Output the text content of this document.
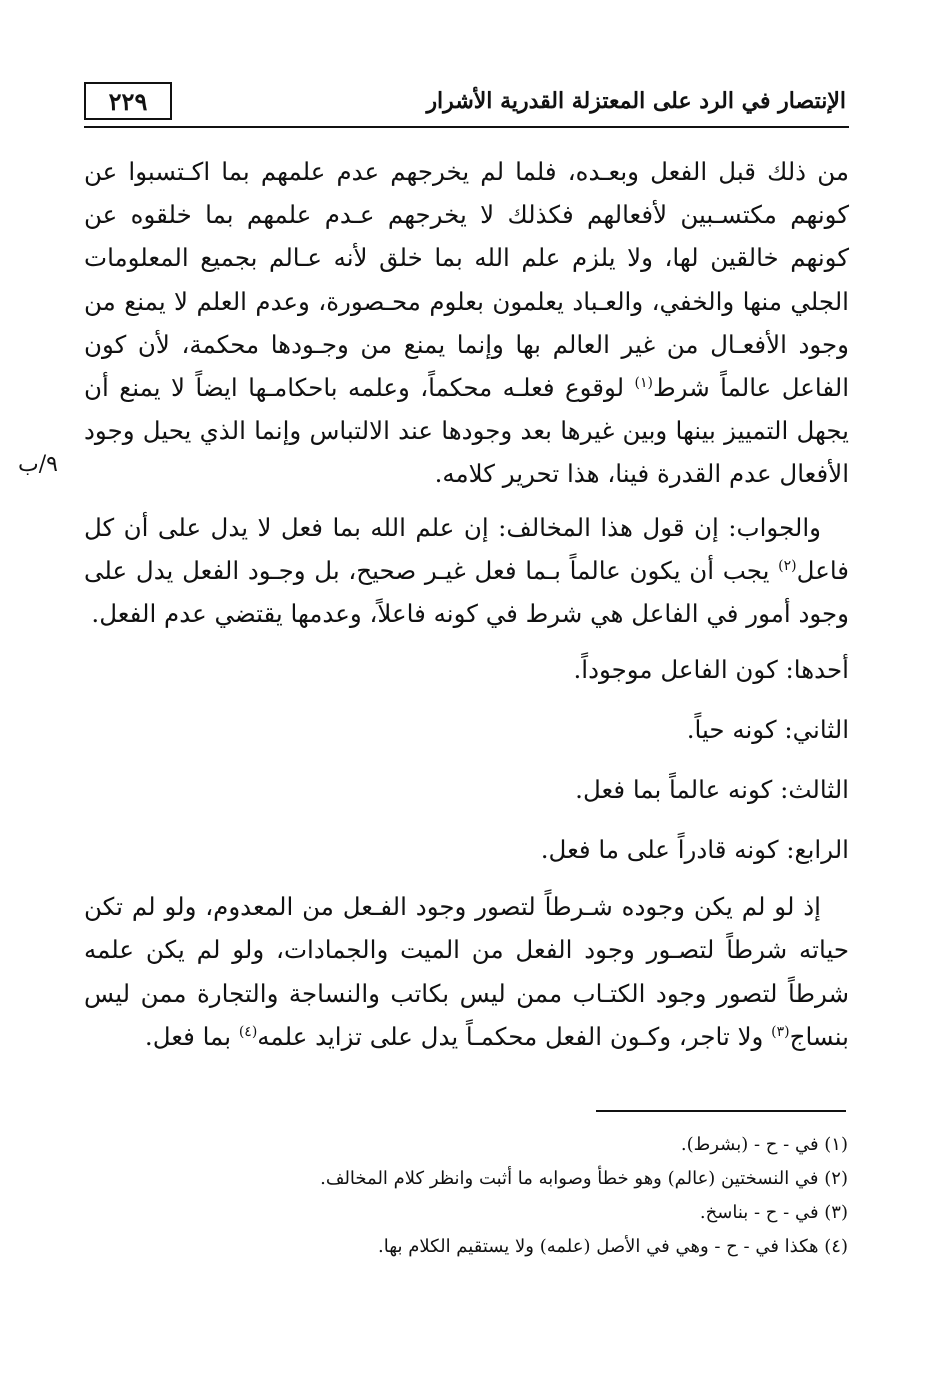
٢٢٩	الإنتصار في الرد على المعتزلة القدرية الأشرار
٩/ب

من ذلك قبل الفعل وبعـده، فلما لم يخرجهم عدم علمهم بما اكـتسبوا عن كونهم مكتسـبين لأفعالهم فكذلك لا يخرجهم عـدم علمهم بما خلقوه عن كونهم خالقين لها، ولا يلزم علم الله بما خلق لأنه عـالم بجميع المعلومات الجلي منها والخفي، والعـباد يعلمون بعلوم محـصورة، وعدم العلم لا يمنع من وجود الأفعـال من غير العالم بها وإنما يمنع من وجـودها محكمة، لأن كون الفاعل عالماً شرط$^{(١)}$ لوقوع فعلـه محكماً، وعلمه باحكامـها ايضاً لا يمنع أن يجهل التمييز بينها وبين غيرها بعد وجودها عند الالتباس وإنما الذي يحيل وجود الأفعال عدم القدرة فينا، هذا تحرير كلامه.

والجواب: إن قول هذا المخالف: إن علم الله بما فعل لا يدل على أن كل فاعل$^{(٢)}$ يجب أن يكون عالماً بـما فعل غيـر صحيح، بل وجـود الفعل يدل على وجود أمور في الفاعل هي شرط في كونه فاعلاً، وعدمها يقتضي عدم الفعل.

أحدها: كون الفاعل موجوداً.

الثاني: كونه حياً.

الثالث: كونه عالماً بما فعل.

الرابع: كونه قادراً على ما فعل.

إذ لو لم يكن وجوده شـرطاً لتصور وجود الفـعل من المعدوم، ولو لم تكن حياته شرطاً لتصـور وجود الفعل من الميت والجمادات، ولو لم يكن علمه شرطاً لتصور وجود الكتـاب ممن ليس بكاتب والنساجة والتجارة ممن ليس بنساج$^{(٣)}$ ولا تاجر، وكـون الفعل محكمـاً يدل على تزايد علمه$^{(٤)}$ بما فعل.

(١) في - ح - (بشرط).
(٢) في النسختين (عالم) وهو خطأ وصوابه ما أثبت وانظر كلام المخالف.
(٣) في - ح - بناسخ.
(٤) هكذا في - ح - وهي في الأصل (علمه) ولا يستقيم الكلام بها.
